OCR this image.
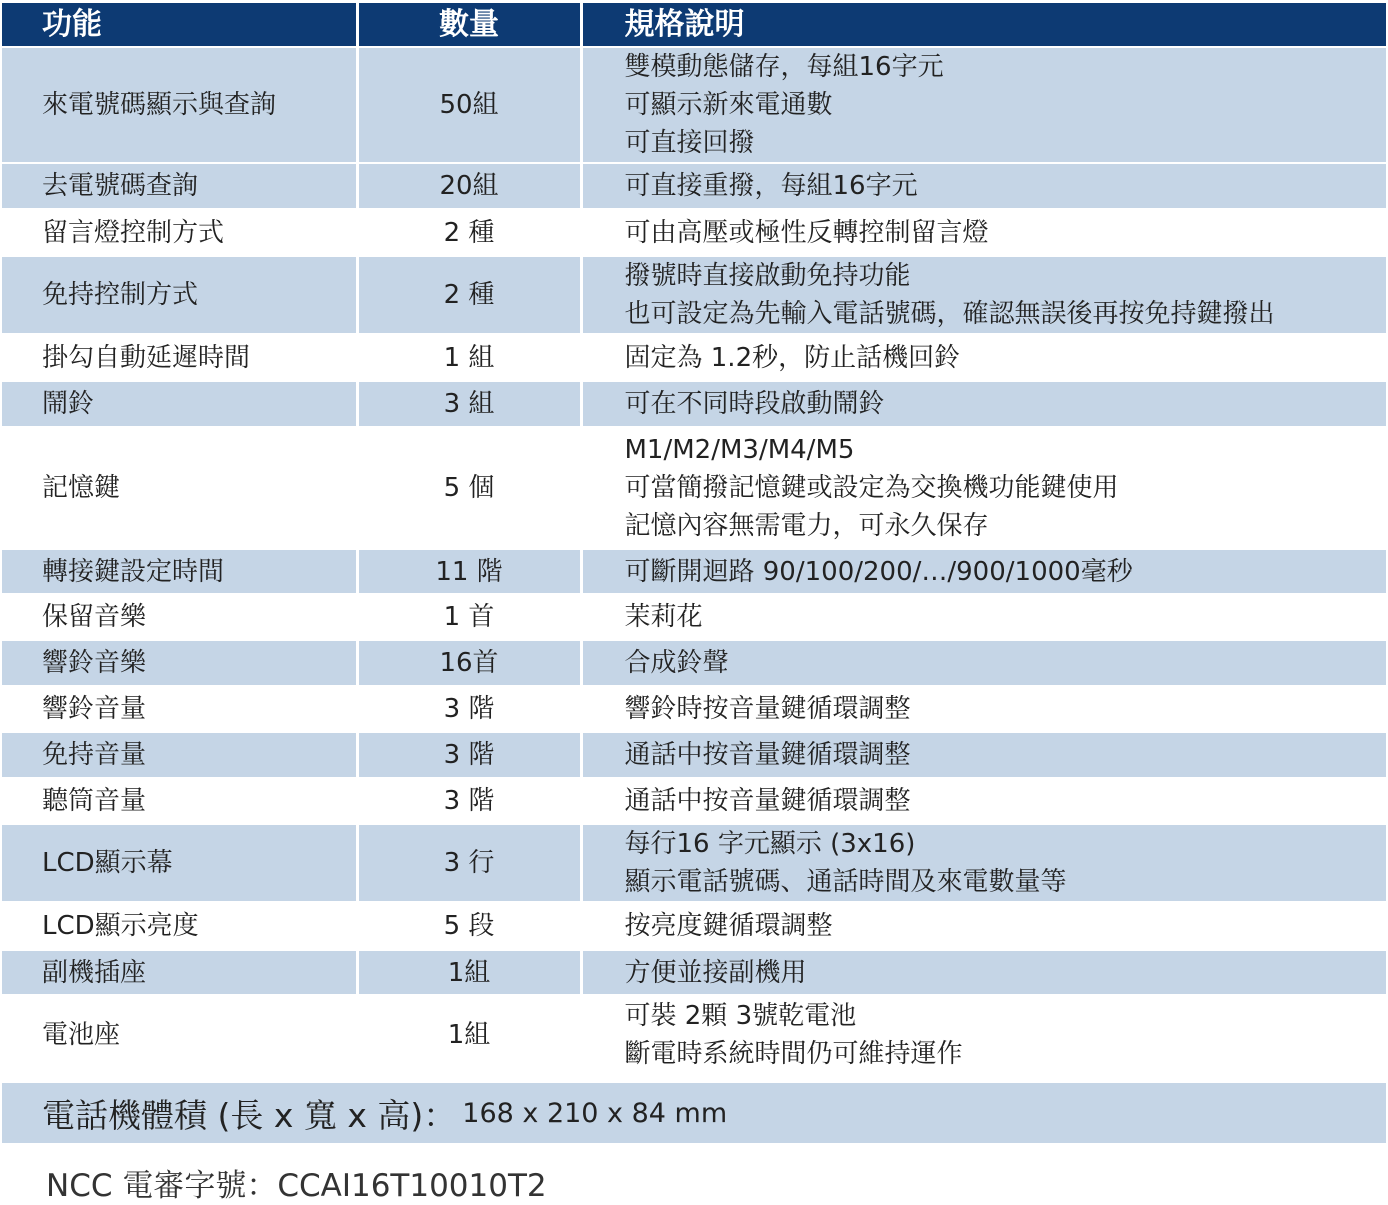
功能	數量	規格說明
來電號碼顯示與查詢	50組	雙模動態儲存，每組16字元
可顯示新來電通數
可直接回撥

去電號碼查詢	20組	可直接重撥，每組16字元

留言燈控制方式	2 種	可由高壓或極性反轉控制留言燈

免持控制方式	2 種	撥號時直接啟動免持功能
也可設定為先輸入電話號碼，確認無誤後再按免持鍵撥出

掛勾自動延遲時間	1 組	固定為 1.2秒，防止話機回鈴

鬧鈴	3 組	可在不同時段啟動鬧鈴

記憶鍵	5 個	M1/M2/M3/M4/M5
可當簡撥記憶鍵或設定為交換機功能鍵使用
記憶內容無需電力，可永久保存

轉接鍵設定時間	11 階	可斷開迴路 90/100/200/…/900/1000毫秒

保留音樂	1 首	茉莉花

響鈴音樂	16首	合成鈴聲

響鈴音量	3 階	響鈴時按音量鍵循環調整

免持音量	3 階	通話中按音量鍵循環調整

聽筒音量	3 階	通話中按音量鍵循環調整

LCD顯示幕	3 行	每行16 字元顯示 (3x16)
顯示電話號碼、通話時間及來電數量等

LCD顯示亮度	5 段	按亮度鍵循環調整

副機插座	1組	方便並接副機用

電池座	1組	可裝 2顆 3號乾電池
斷電時系統時間仍可維持運作
電話機體積 (長 x 寬 x 高)： 168 x 210 x 84 mm
NCC 電審字號：CCAI16T10010T2
